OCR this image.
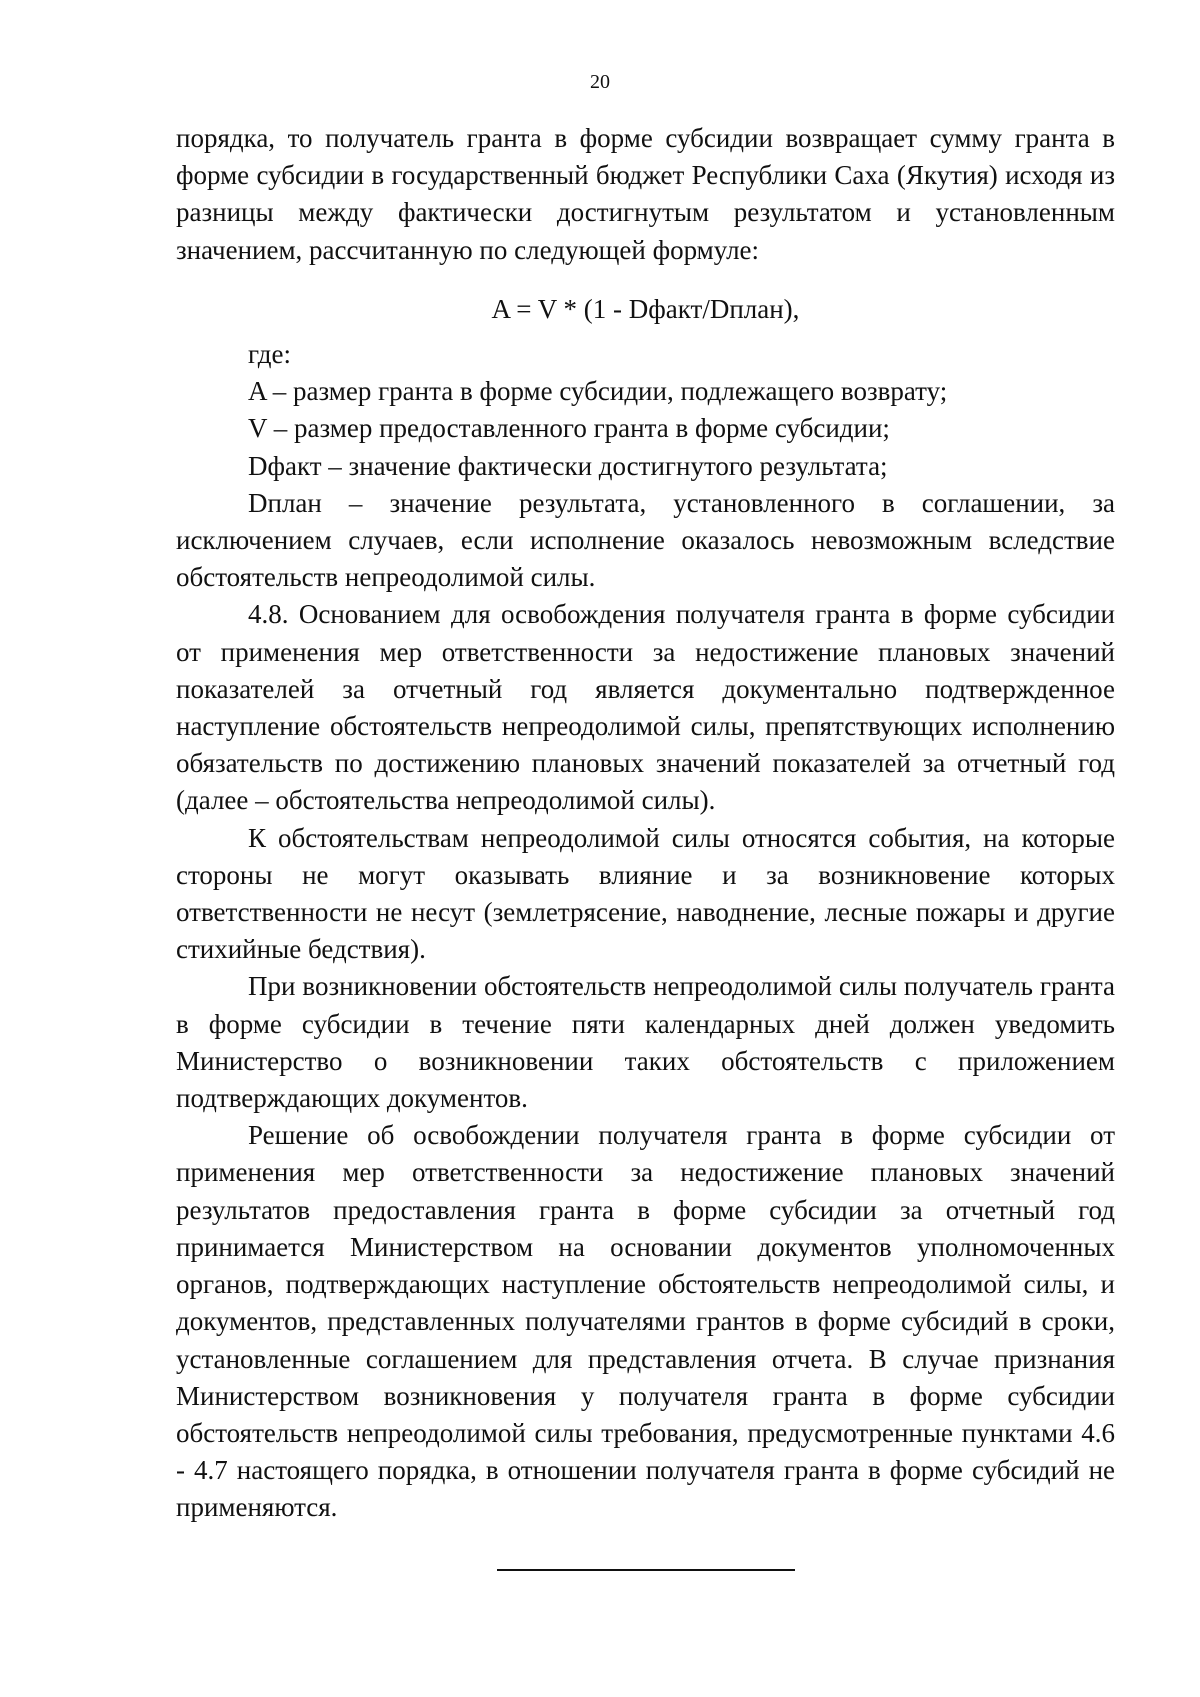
20

порядка, то получатель гранта в форме субсидии возвращает сумму гранта в форме субсидии в государственный бюджет Республики Саха (Якутия) исходя из разницы между фактически достигнутым результатом и установленным значением, рассчитанную по следующей формуле:

A = V * (1 - Dфакт/Dплан),

где:

A – размер гранта в форме субсидии, подлежащего возврату;

V – размер предоставленного гранта в форме субсидии;

Dфакт – значение фактически достигнутого результата;

Dплан – значение результата, установленного в соглашении, за исключением случаев, если исполнение оказалось невозможным вследствие обстоятельств непреодолимой силы.

4.8. Основанием для освобождения получателя гранта в форме субсидии от применения мер ответственности за недостижение плановых значений показателей за отчетный год является документально подтвержденное наступление обстоятельств непреодолимой силы, препятствующих исполнению обязательств по достижению плановых значений показателей за отчетный год (далее – обстоятельства непреодолимой силы).

К обстоятельствам непреодолимой силы относятся события, на которые стороны не могут оказывать влияние и за возникновение которых ответственности не несут (землетрясение, наводнение, лесные пожары и другие стихийные бедствия).

При возникновении обстоятельств непреодолимой силы получатель гранта в форме субсидии в течение пяти календарных дней должен уведомить Министерство о возникновении таких обстоятельств с приложением подтверждающих документов.

Решение об освобождении получателя гранта в форме субсидии от применения мер ответственности за недостижение плановых значений результатов предоставления гранта в форме субсидии за отчетный год принимается Министерством на основании документов уполномоченных органов, подтверждающих наступление обстоятельств непреодолимой силы, и документов, представленных получателями грантов в форме субсидий в сроки, установленные соглашением для представления отчета. В случае признания Министерством возникновения у получателя гранта в форме субсидии обстоятельств непреодолимой силы требования, предусмотренные пунктами 4.6 - 4.7 настоящего порядка, в отношении получателя гранта в форме субсидий не применяются.
